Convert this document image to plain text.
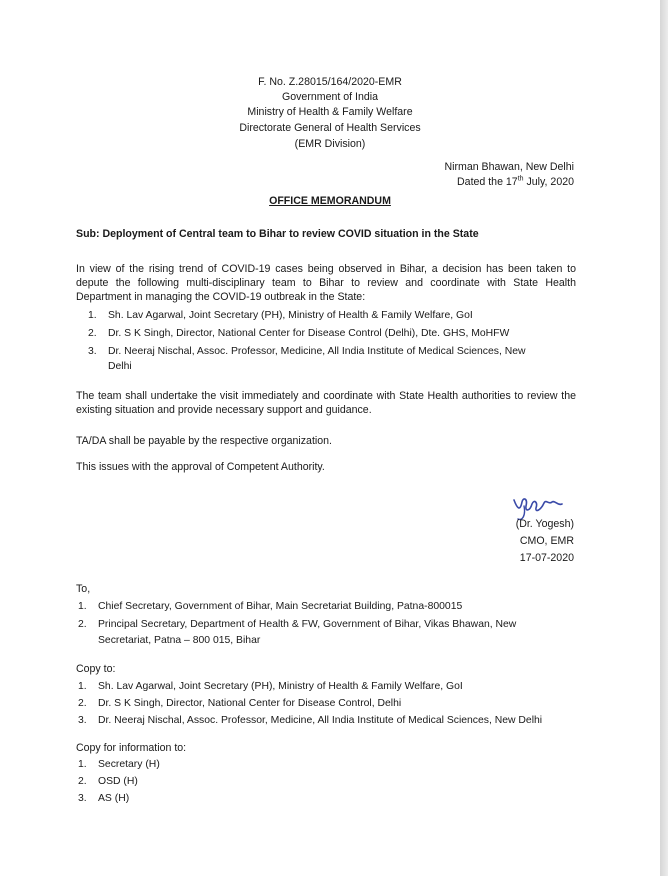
F. No. Z.28015/164/2020-EMR
Government of India
Ministry of Health & Family Welfare
Directorate General of Health Services
(EMR Division)
Nirman Bhawan, New Delhi
Dated the 17th July, 2020
OFFICE MEMORANDUM
Sub: Deployment of Central team to Bihar to review COVID situation in the State
In view of the rising trend of COVID-19 cases being observed in Bihar, a decision has been taken to depute the following multi-disciplinary team to Bihar to review and coordinate with State Health Department in managing the COVID-19 outbreak in the State:
1. Sh. Lav Agarwal, Joint Secretary (PH), Ministry of Health & Family Welfare, GoI
2. Dr. S K Singh, Director, National Center for Disease Control (Delhi), Dte. GHS, MoHFW
3. Dr. Neeraj Nischal, Assoc. Professor, Medicine, All India Institute of Medical Sciences, New
Delhi
The team shall undertake the visit immediately and coordinate with State Health authorities to review the existing situation and provide necessary support and guidance.
TA/DA shall be payable by the respective organization.
This issues with the approval of Competent Authority.
(Dr. Yogesh)
CMO, EMR
17-07-2020
To,
1. Chief Secretary, Government of Bihar, Main Secretariat Building, Patna-800015
2. Principal Secretary, Department of Health & FW, Government of Bihar, Vikas Bhawan, New
Secretariat, Patna – 800 015, Bihar
Copy to:
1. Sh. Lav Agarwal, Joint Secretary (PH), Ministry of Health & Family Welfare, GoI
2. Dr. S K Singh, Director, National Center for Disease Control, Delhi
3. Dr. Neeraj Nischal, Assoc. Professor, Medicine, All India Institute of Medical Sciences, New Delhi
Copy for information to:
1. Secretary (H)
2. OSD (H)
3. AS (H)
